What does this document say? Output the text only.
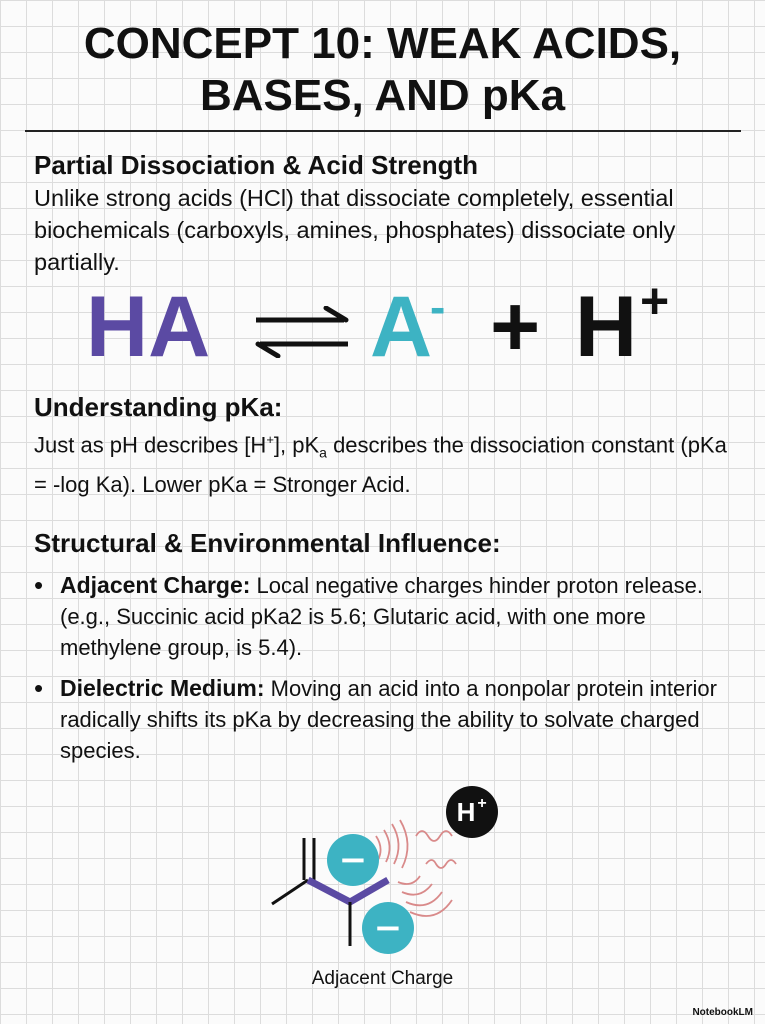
CONCEPT 10: WEAK ACIDS,
BASES, AND pKa
Partial Dissociation & Acid Strength

Unlike strong acids (HCl) that dissociate completely, essential biochemicals (carboxyls, amines, phosphates) dissociate only partially.

HA A
- + H +
Understanding pKa:

Just as pH describes [H+], $pK_a$ describes the dissociation constant (pKa = -log Ka). Lower pKa = Stronger Acid.

Structural & Environmental Influence:
• Adjacent Charge: Local negative charges hinder proton release. (e.g., Succinic acid pKa2 is 5.6; Glutaric acid, with one more methylene group, is 5.4).
• Dielectric Medium: Moving an acid into a nonpolar protein interior radically shifts its pKa by decreasing the ability to solvate charged species.
−
−
H +
Adjacent Charge
NotebookLM
